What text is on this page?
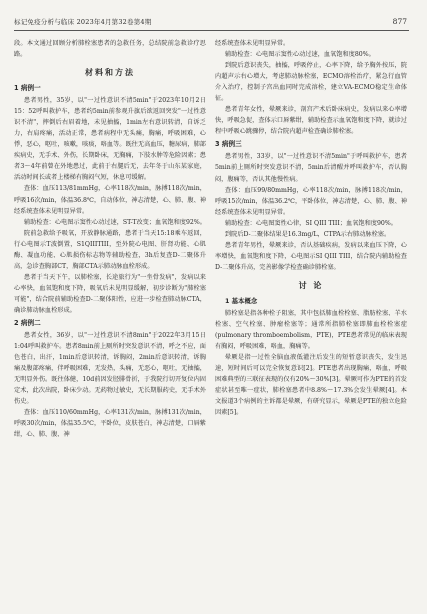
标记免疫分析与临床 2023年4月第32卷第4期	877

段。本文通过回顾分析肺栓塞患者的急救任务，总结院前急救诊疗思路。

材料和方法
1 病例一

患者男性，35岁，以"一过性意识不清5min"于2023年10月2日15：52呼叫救护车，患者约5min前参观升旗后欲返回突发"一过性意识不清"，摔倒后右眉着地，未见抽搐，1min左右意识转清，自诉乏力，右肩疼痛，活动正常，患者病程中无头痛，胸痛，呼吸困难，心悸，恶心，呕吐，咳嗽，咳痰，咯血等。既往无高血压，糖尿病，肺部疾病史，无手术、外伤，长期卧床，无胸痛，下肢水肿等危险因素；患者3～4年前曾在外地患过，此前于右腿后无，去年冬于山东某家庭，活动时间长或者上楼梯有胸闷气短，休息可缓解。

查体：血压113/81mmHg，心率118次/min，脉搏118次/min，呼吸16次/min，体温36.8℃，自动体位，神志清楚，心、肺、腹、神经系统查体未见明显异常。

辅助检查：心电图示窦性心动过速，ST-T改变；血氧饱和度92%。

院前急救给予吸氧，开放静脉通路，患者于当天15:18乘车返回，行心电图示T波倒置，S1QIIITIII，至外院心电图、肝肾功能、心肌酶、凝血功能、心肌损伤标志物等辅助检查，3h后复查D-二聚体升高，急诊查胸部CT，胸部CTA示肺动脉血栓形成。

患者于当天下午，以肺栓塞，长途旅行为"一坐骨发病"，发病以来心率快，血氧饱和度下降，吸氧后未见明显缓解，初步诊断为"肺栓塞可能"，结合院前辅助检查D-二聚体阳性，应进一步检查肺动脉CTA，确诊肺动脉血栓形成。

2 病例二

患者女性，36岁，以"一过性意识不清8min"于2022年3月15日1:04呼叫救护车。患者8min前上厕所时突发意识不清，呼之不应，面色苍白，出汗，1min后意识转清，诉胸闷，2min后意识转清，诉胸痛及腹部疼痛，伴呼吸困难，无发热，头痛，无恶心，呕吐，无抽搐，无明显外伤。既往体健，10d前因发胫腓骨折，于我院行切开复位内固定术，此次出院，卧床少动。无药物过敏史，无长期服药史，无手术外伤史。

查体：血压110/60mmHg，心率131次/min，脉搏131次/min，呼吸30次/min，体温35.5℃，平卧位，皮肤苍白，神志清楚，口唇紫绀，心、肺、腹、神

经系统查体未见明显异常。

辅助检查：心电图示窦性心动过速，血氧饱和度80%。

到院后意识丧失，抽搐，呼吸停止，心率下降，给予胸外按压，院内超声示右心增大，考虑肺动脉栓塞，ECMO溶栓治疗，紧急行血管介入治疗，控制子宫出血同时完成溶栓，建立VA-ECMO稳定生命体征。

患者青年女性，晕厥来诊，剖宫产术后卧床病史，发病以来心率增快，呼吸急促，查体示口唇紫绀，辅助检查示血氧饱和度下降，就诊过程中呼吸心跳骤停，结合院内超声检查确诊肺栓塞。

3 病例三

患者男性，33岁，以"一过性意识不清5min"于呼叫救护车，患者5min前上厕所时突发意识不清，5min后清醒并呼叫救护车，否认胸闷，腹痛等，否认其他慢性病。

查体：血压99/80mmHg，心率118次/min，脉搏118次/min，呼吸15次/min，体温36.2℃，平卧体位，神志清楚，心、肺、腹、神经系统查体未见明显异常。

辅助检查：心电图窦性心律，SI QIII TIII；血氧饱和度90%。

到院后D-二聚体结果是16.3mg/L，CTPA示右肺动脉栓塞。

患者青年男性，晕厥来诊，否认基础疾病，发病以来血压下降，心率增快，血氧饱和度下降，心电图示SI QIII TIII，结合院内辅助检查D-二聚体升高，完善影像学检查确诊肺栓塞。

讨 论
1 基本概念

肺栓塞是指各种栓子阻塞，其中包括肺血栓栓塞、脂肪栓塞、羊水栓塞、空气栓塞、肿瘤栓塞等；通常所指肺栓塞即肺血栓栓塞症(pulmonary thromboembolism，PTE)，PTE患者常见的临床表现有胸闷，呼吸困难，咯血，胸痛等。

晕厥是指一过性全脑血液低灌注后发生的短暂意识丧失，发生迅速，短时间后可以完全恢复意识[2]。PTE患者出现胸痛，咯血，呼吸困难典型的三联征表现的仅有20%～30%[3]。晕厥可作为PTE的首发症状甚至唯一症状，肺栓塞患者中8.8%～17.3%会发生晕厥[4]。本文报道3个病例的主诉都是晕厥，有研究显示，晕厥是PTE的独立危险因素[5]。
